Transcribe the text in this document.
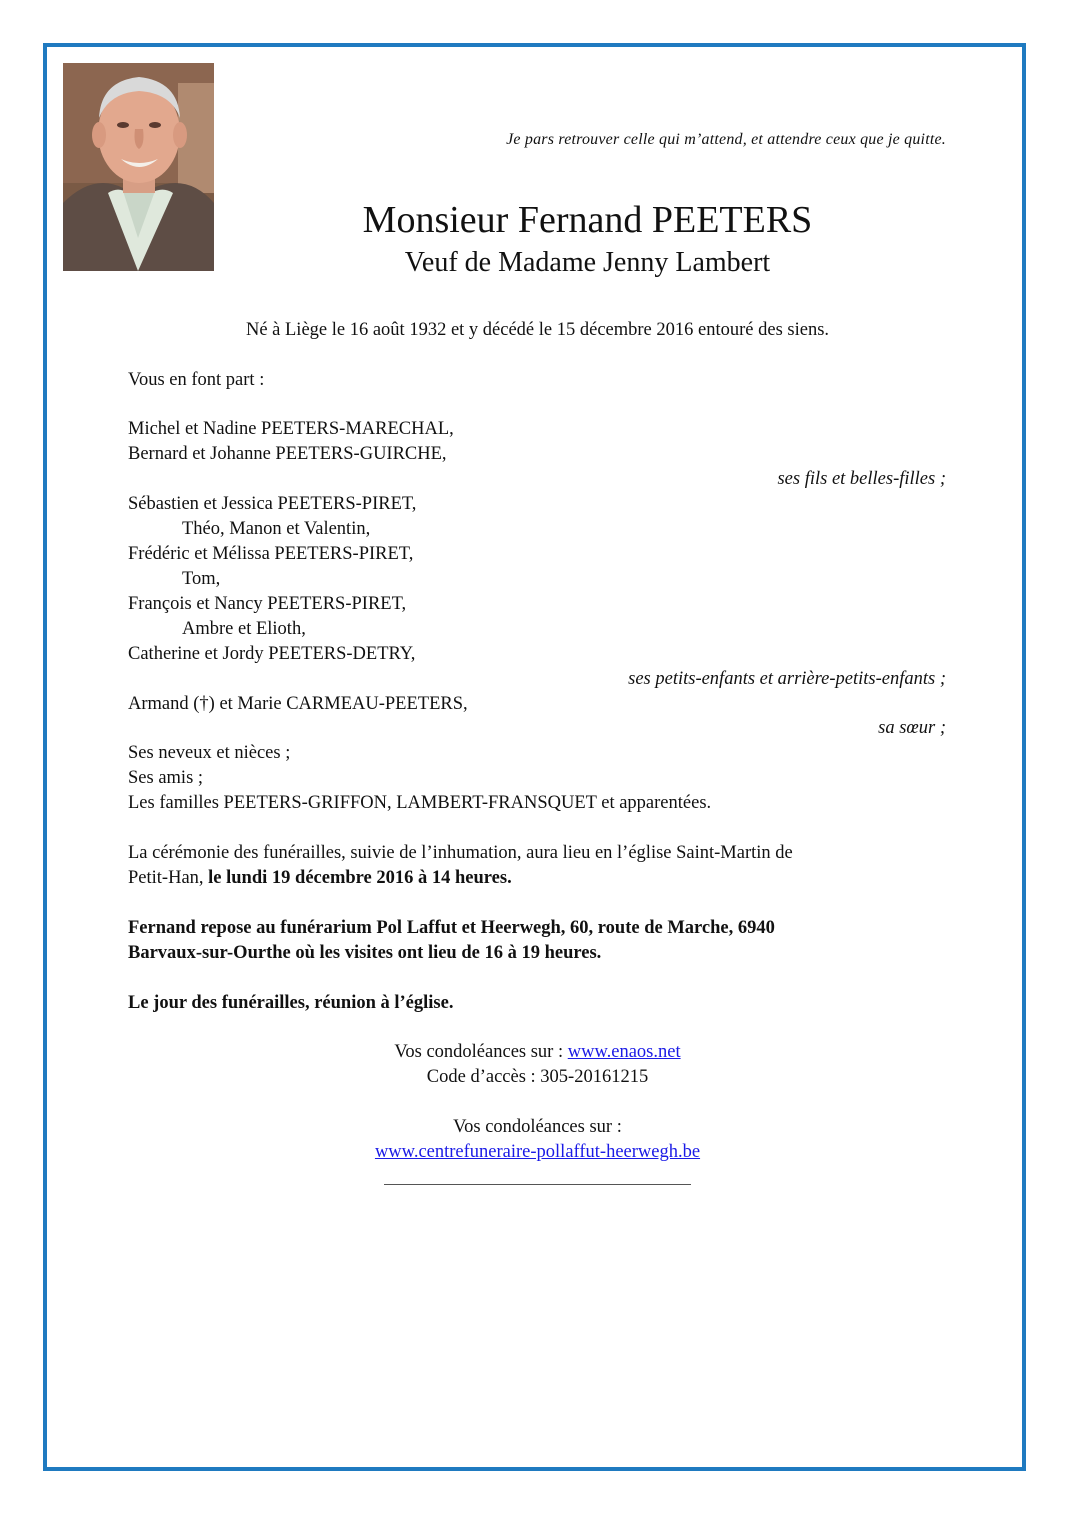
Je pars retrouver celle qui m’attend, et attendre ceux que je quitte.
Monsieur Fernand PEETERS
Veuf de Madame Jenny Lambert
Né à Liège le 16 août 1932 et y décédé le 15 décembre 2016 entouré des siens.
Vous en font part :
Michel et Nadine PEETERS-MARECHAL,
Bernard et Johanne PEETERS-GUIRCHE,
ses fils et belles-filles ;
Sébastien et Jessica PEETERS-PIRET,
Théo, Manon et Valentin,
Frédéric et Mélissa PEETERS-PIRET,
Tom,
François et Nancy PEETERS-PIRET,
Ambre et Elioth,
Catherine et Jordy PEETERS-DETRY,
ses petits-enfants et arrière-petits-enfants ;
Armand (†) et Marie CARMEAU-PEETERS,
sa sœur ;
Ses neveux et nièces ;
Ses amis ;
Les familles PEETERS-GRIFFON, LAMBERT-FRANSQUET et apparentées.
La cérémonie des funérailles, suivie de l’inhumation, aura lieu en l’église Saint-Martin de
Petit-Han, le lundi 19 décembre 2016 à 14 heures.
Fernand repose au funérarium Pol Laffut et Heerwegh, 60, route de Marche, 6940
Barvaux-sur-Ourthe où les visites ont lieu de 16 à 19 heures.
Le jour des funérailles, réunion à l’église.
Vos condoléances sur : www.enaos.net
Code d’accès : 305-20161215
Vos condoléances sur :
www.centrefuneraire-pollaffut-heerwegh.be
